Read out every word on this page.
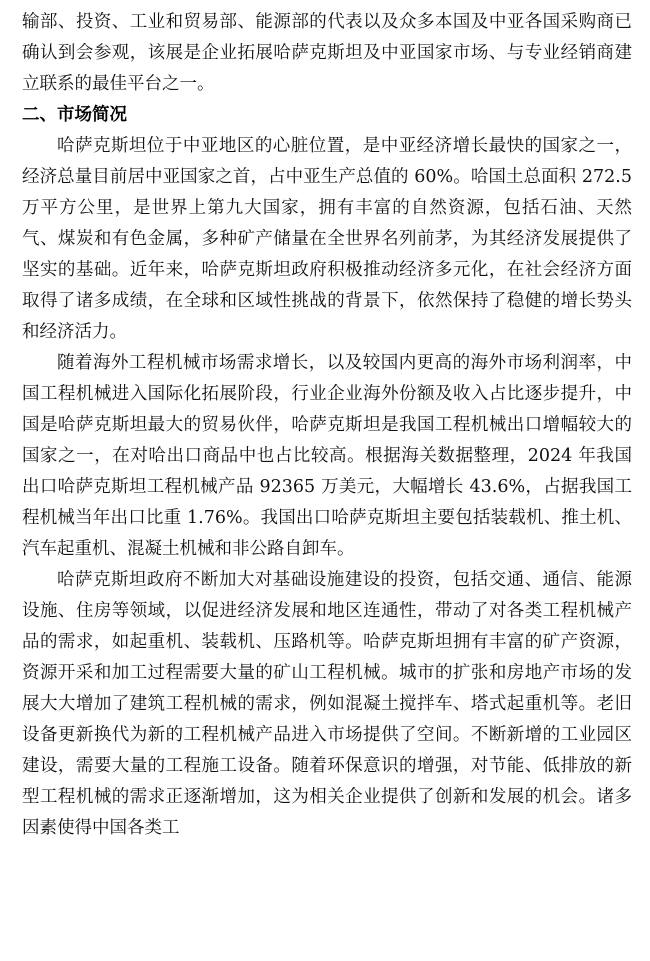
输部、投资、工业和贸易部、能源部的代表以及众多本国及中亚各国采购商已确认到会参观，该展是企业拓展哈萨克斯坦及中亚国家市场、与专业经销商建立联系的最佳平台之一。

二、市场简况

哈萨克斯坦位于中亚地区的心脏位置，是中亚经济增长最快的国家之一，经济总量目前居中亚国家之首，占中亚生产总值的 60%。哈国土总面积 272.5 万平方公里，是世界上第九大国家，拥有丰富的自然资源，包括石油、天然气、煤炭和有色金属，多种矿产储量在全世界名列前茅，为其经济发展提供了坚实的基础。近年来，哈萨克斯坦政府积极推动经济多元化，在社会经济方面取得了诸多成绩，在全球和区域性挑战的背景下，依然保持了稳健的增长势头和经济活力。

随着海外工程机械市场需求增长，以及较国内更高的海外市场利润率，中国工程机械进入国际化拓展阶段，行业企业海外份额及收入占比逐步提升，中国是哈萨克斯坦最大的贸易伙伴，哈萨克斯坦是我国工程机械出口增幅较大的国家之一，在对哈出口商品中也占比较高。根据海关数据整理，2024 年我国出口哈萨克斯坦工程机械产品 92365 万美元，大幅增长 43.6%，占据我国工程机械当年出口比重 1.76%。我国出口哈萨克斯坦主要包括装载机、推土机、汽车起重机、混凝土机械和非公路自卸车。

哈萨克斯坦政府不断加大对基础设施建设的投资，包括交通、通信、能源设施、住房等领域，以促进经济发展和地区连通性，带动了对各类工程机械产品的需求，如起重机、装载机、压路机等。哈萨克斯坦拥有丰富的矿产资源，资源开采和加工过程需要大量的矿山工程机械。城市的扩张和房地产市场的发展大大增加了建筑工程机械的需求，例如混凝土搅拌车、塔式起重机等。老旧设备更新换代为新的工程机械产品进入市场提供了空间。不断新增的工业园区建设，需要大量的工程施工设备。随着环保意识的增强，对节能、低排放的新型工程机械的需求正逐渐增加，这为相关企业提供了创新和发展的机会。诸多因素使得中国各类工
